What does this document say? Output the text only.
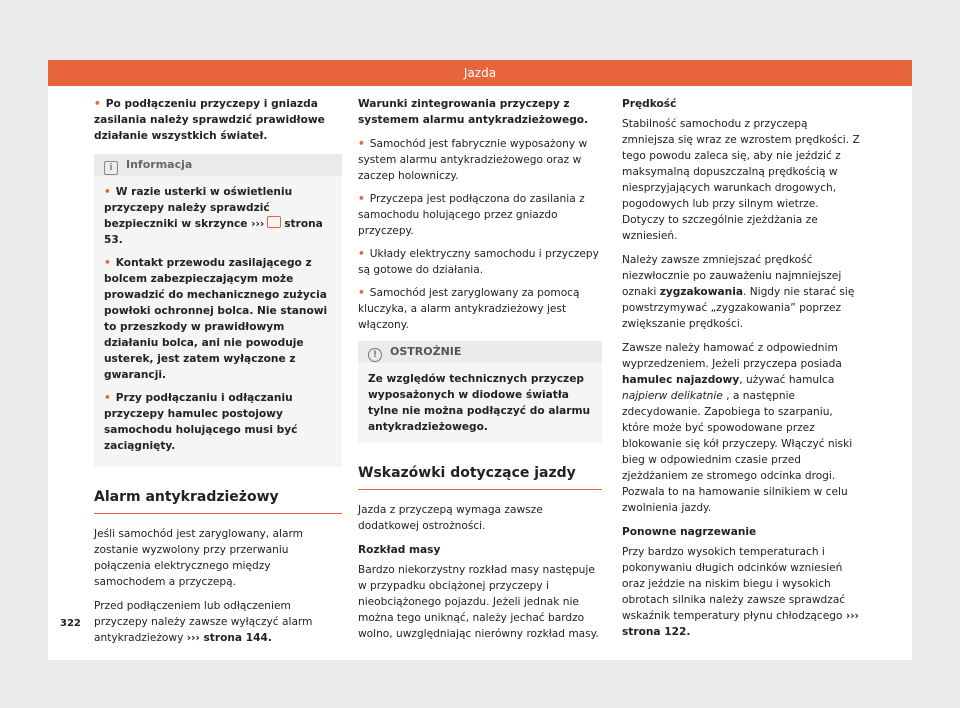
Jazda

• Po podłączeniu przyczepy i gniazda zasilania należy sprawdzić prawidłowe działanie wszystkich świateł.

i Informacja

• W razie usterki w oświetleniu przyczepy należy sprawdzić bezpieczniki w skrzynce ››› strona 53.

• Kontakt przewodu zasilającego z bolcem zabezpieczającym może prowadzić do mechanicznego zużycia powłoki ochronnej bolca. Nie stanowi to przeszkody w prawidłowym działaniu bolca, ani nie powoduje usterek, jest zatem wyłączone z gwarancji.

• Przy podłączaniu i odłączaniu przyczepy hamulec postojowy samochodu holującego musi być zaciągnięty.

Alarm antykradzieżowy

Jeśli samochód jest zaryglowany, alarm zostanie wyzwolony przy przerwaniu połączenia elektrycznego między samochodem a przyczepą.

Przed podłączeniem lub odłączeniem przyczepy należy zawsze wyłączyć alarm antykradzieżowy ››› strona 144.

Warunki zintegrowania przyczepy z systemem alarmu antykradzieżowego.

• Samochód jest fabrycznie wyposażony w system alarmu antykradzieżowego oraz w zaczep holowniczy.

• Przyczepa jest podłączona do zasilania z samochodu holującego przez gniazdo przyczepy.

• Układy elektryczny samochodu i przyczepy są gotowe do działania.

• Samochód jest zaryglowany za pomocą kluczyka, a alarm antykradzieżowy jest włączony.

! OSTROŻNIE
Ze względów technicznych przyczep wyposażonych w diodowe światła tylne nie można podłączyć do alarmu antykradzieżowego.
Wskazówki dotyczące jazdy

Jazda z przyczepą wymaga zawsze dodatkowej ostrożności.

Rozkład masy

Bardzo niekorzystny rozkład masy następuje w przypadku obciążonej przyczepy i nieobciążonego pojazdu. Jeżeli jednak nie można tego uniknąć, należy jechać bardzo wolno, uwzględniając nierówny rozkład masy.

Prędkość

Stabilność samochodu z przyczepą zmniejsza się wraz ze wzrostem prędkości. Z tego powodu zaleca się, aby nie jeździć z maksymalną dopuszczalną prędkością w niesprzyjających warunkach drogowych, pogodowych lub przy silnym wietrze. Dotyczy to szczególnie zjeżdżania ze wzniesień.

Należy zawsze zmniejszać prędkość niezwłocznie po zauważeniu najmniejszej oznaki zygzakowania. Nigdy nie starać się powstrzymywać „zygzakowania” poprzez zwiększanie prędkości.

Zawsze należy hamować z odpowiednim wyprzedzeniem. Jeżeli przyczepa posiada hamulec najazdowy, używać hamulca najpierw delikatnie , a następnie zdecydowanie. Zapobiega to szarpaniu, które może być spowodowane przez blokowanie się kół przyczepy. Włączyć niski bieg w odpowiednim czasie przed zjeżdżaniem ze stromego odcinka drogi. Pozwala to na hamowanie silnikiem w celu zwolnienia jazdy.

Ponowne nagrzewanie

Przy bardzo wysokich temperaturach i pokonywaniu długich odcinków wzniesień oraz jeździe na niskim biegu i wysokich obrotach silnika należy zawsze sprawdzać wskaźnik temperatury płynu chłodzącego ››› strona 122.

322
